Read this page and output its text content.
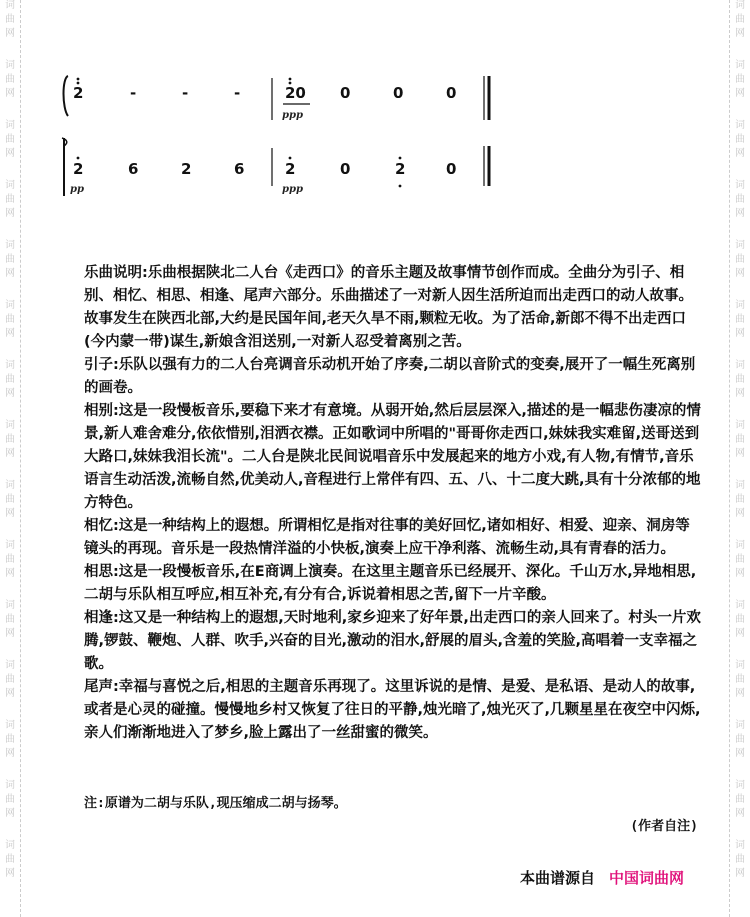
词
曲
网
词
曲
网
词
曲
网
词
曲
网
词
曲
网
词
曲
网
词
曲
网
词
曲
网
词
曲
网
词
曲
网
词
曲
网
词
曲
网
词
曲
网
词
曲
网
词
曲
网
词
曲
网
词
曲
网
词
曲
网
词
曲
网
词
曲
网
词
曲
网
词
曲
网
词
曲
网
词
曲
网
词
曲
网
词
曲
网
词
曲
网
词
曲
网
词
曲
网
词
曲
网
2	-	-	-	20 0	0	0
ppp
2	6	2	6
pp
2	0	2	0
ppp

乐曲说明:乐曲根据陕北二人台《走西口》的音乐主题及故事情节创作而成。全曲分为引子、相别、相忆、相思、相逢、尾声六部分。乐曲描述了一对新人因生活所迫而出走西口的动人故事。

故事发生在陕西北部,大约是民国年间,老天久旱不雨,颗粒无收。为了活命,新郎不得不出走西口(今内蒙一带)谋生,新娘含泪送别,一对新人忍受着离别之苦。

引子:乐队以强有力的二人台亮调音乐动机开始了序奏,二胡以音阶式的变奏,展开了一幅生死离别的画卷。

相别:这是一段慢板音乐,要稳下来才有意境。从弱开始,然后层层深入,描述的是一幅悲伤凄凉的情景,新人难舍难分,依依惜别,泪洒衣襟。正如歌词中所唱的"哥哥你走西口,妹妹我实难留,送哥送到大路口,妹妹我泪长流"。二人台是陕北民间说唱音乐中发展起来的地方小戏,有人物,有情节,音乐语言生动活泼,流畅自然,优美动人,音程进行上常伴有四、五、八、十二度大跳,具有十分浓郁的地方特色。

相忆:这是一种结构上的遐想。所谓相忆是指对往事的美好回忆,诸如相好、相爱、迎亲、洞房等镜头的再现。音乐是一段热情洋溢的小快板,演奏上应干净利落、流畅生动,具有青春的活力。

相思:这是一段慢板音乐,在E商调上演奏。在这里主题音乐已经展开、深化。千山万水,异地相思,二胡与乐队相互呼应,相互补充,有分有合,诉说着相思之苦,留下一片辛酸。

相逢:这又是一种结构上的遐想,天时地利,家乡迎来了好年景,出走西口的亲人回来了。村头一片欢腾,锣鼓、鞭炮、人群、吹手,兴奋的目光,激动的泪水,舒展的眉头,含羞的笑脸,高唱着一支幸福之歌。

尾声:幸福与喜悦之后,相思的主题音乐再现了。这里诉说的是情、是爱、是私语、是动人的故事,或者是心灵的碰撞。慢慢地乡村又恢复了往日的平静,烛光暗了,烛光灭了,几颗星星在夜空中闪烁,亲人们渐渐地进入了梦乡,脸上露出了一丝甜蜜的微笑。

注:原谱为二胡与乐队,现压缩成二胡与扬琴。
(作者自注)
本曲谱源自 中国词曲网
